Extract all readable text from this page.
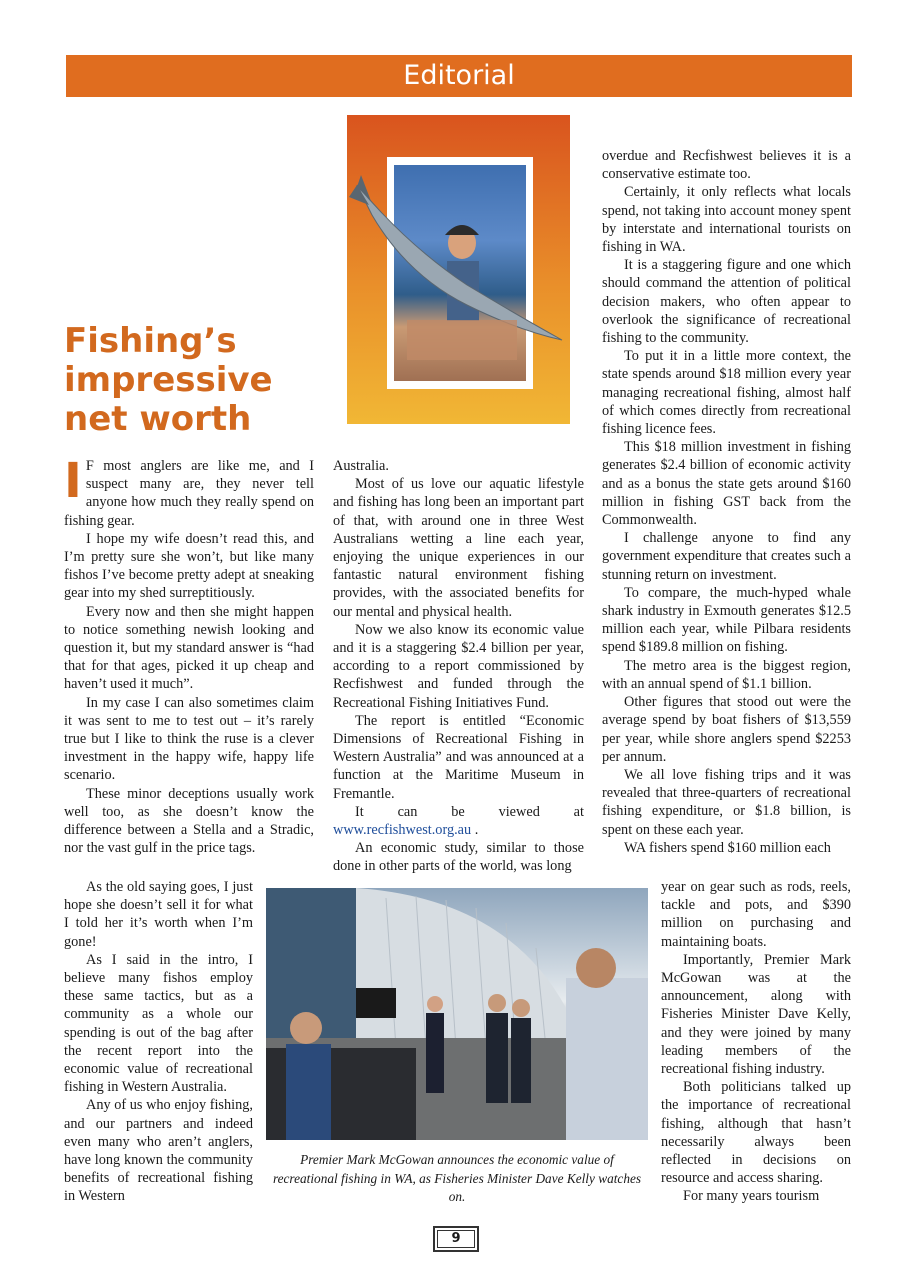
Editorial
Fishing’s impressive net worth

I F most anglers are like me, and I suspect many are, they never tell anyone how much they really spend on fishing gear.

I hope my wife doesn’t read this, and I’m pretty sure she won’t, but like many fishos I’ve become pretty adept at sneaking gear into my shed surreptitiously.

Every now and then she might happen to notice something newish looking and question it, but my standard answer is “had that for that ages, picked it up cheap and haven’t used it much”.

In my case I can also sometimes claim it was sent to me to test out – it’s rarely true but I like to think the ruse is a clever investment in the happy wife, happy life scenario.

These minor deceptions usually work well too, as she doesn’t know the difference between a Stella and a Stradic, nor the vast gulf in the price tags.

As the old saying goes, I just hope she doesn’t sell it for what I told her it’s worth when I’m gone!

As I said in the intro, I believe many fishos employ these same tactics, but as a community as a whole our spending is out of the bag after the recent report into the economic value of recreational fishing in Western Australia.

Any of us who enjoy fishing, and our partners and indeed even many who aren’t anglers, have long known the community benefits of recreational fishing in Western

Australia.

Most of us love our aquatic lifestyle and fishing has long been an important part of that, with around one in three West Australians wetting a line each year, enjoying the unique experiences in our fantastic natural environment fishing provides, with the associated benefits for our mental and physical health.

Now we also know its economic value and it is a staggering $2.4 billion per year, according to a report commissioned by Recfishwest and funded through the Recreational Fishing Initiatives Fund.

The report is entitled “Economic Dimensions of Recreational Fishing in Western Australia” and was announced at a function at the Maritime Museum in Fremantle.

It can be viewed at www.recfishwest.org.au .

An economic study, similar to those done in other parts of the world, was long

overdue and Recfishwest believes it is a conservative estimate too.

Certainly, it only reflects what locals spend, not taking into account money spent by interstate and international tourists on fishing in WA.

It is a staggering figure and one which should command the attention of political decision makers, who often appear to overlook the significance of recreational fishing to the community.

To put it in a little more context, the state spends around $18 million every year managing recreational fishing, almost half of which comes directly from recreational fishing licence fees.

This $18 million investment in fishing generates $2.4 billion of economic activity and as a bonus the state gets around $160 million in fishing GST back from the Commonwealth.

I challenge anyone to find any government expenditure that creates such a stunning return on investment.

To compare, the much-hyped whale shark industry in Exmouth generates $12.5 million each year, while Pilbara residents spend $189.8 million on fishing.

The metro area is the biggest region, with an annual spend of $1.1 billion.

Other figures that stood out were the average spend by boat fishers of $13,559 per year, while shore anglers spend $2253 per annum.

We all love fishing trips and it was revealed that three-quarters of recreational fishing expenditure, or $1.8 billion, is spent on these each year.

WA fishers spend $160 million each

year on gear such as rods, reels, tackle and pots, and $390 million on purchasing and maintaining boats.

Importantly, Premier Mark McGowan was at the announcement, along with Fisheries Minister Dave Kelly, and they were joined by many leading members of the recreational fishing industry.

Both politicians talked up the importance of recreational fishing, although that hasn’t necessarily always been reflected in decisions on resource and access sharing.

For many years tourism

Premier Mark McGowan announces the economic value of recreational fishing in WA, as Fisheries Minister Dave Kelly watches on.
9
